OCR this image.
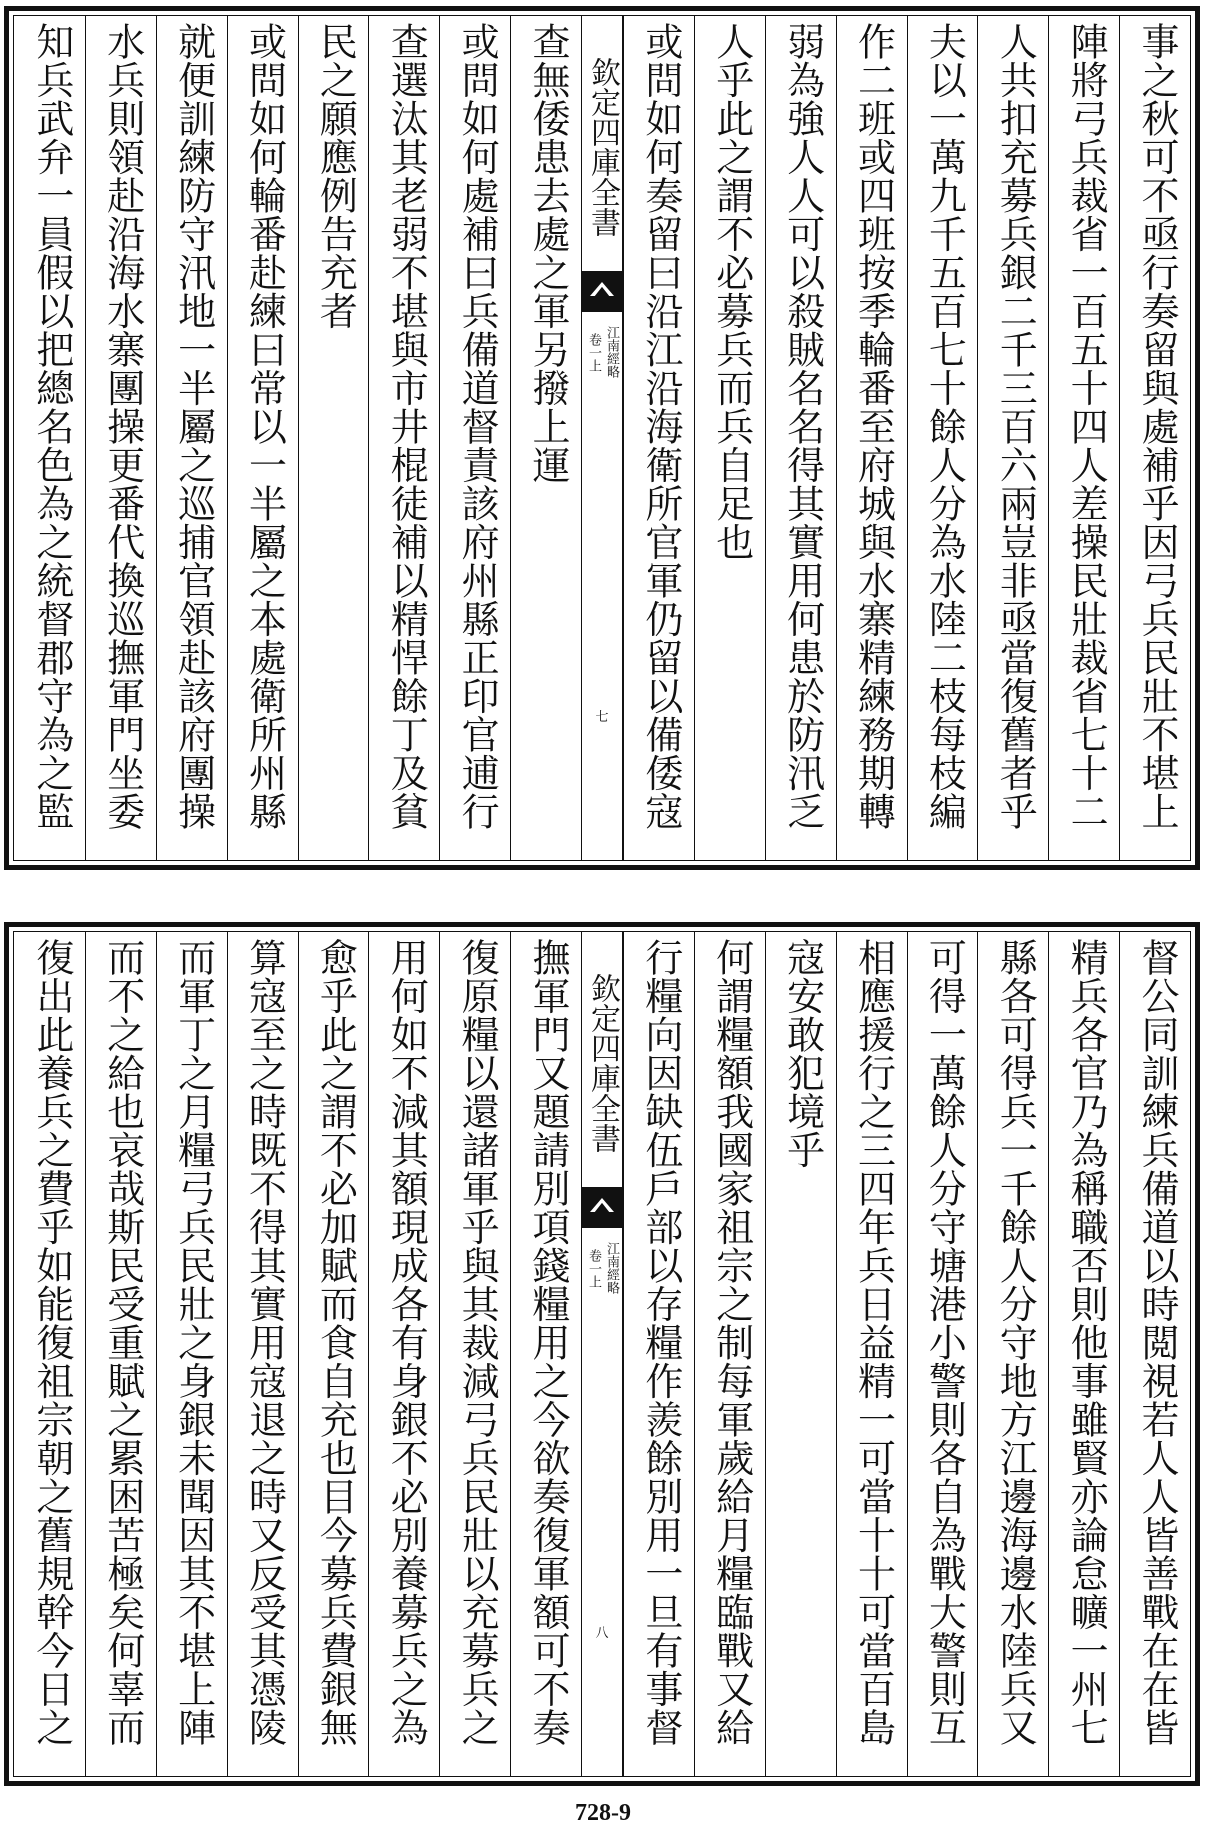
事之秋可不亟行奏留與處補乎因弓兵民壯不堪上
陣將弓兵裁省一百五十四人差操民壯裁省七十二
人共扣充募兵銀二千三百六兩豈非亟當復舊者乎
夫以一萬九千五百七十餘人分為水陸二枝每枝編
作二班或四班按季輪番至府城與水寨精練務期轉
弱為強人人可以殺賊名名得其實用何患於防汛乏
人乎此之謂不必募兵而兵自足也
或問如何奏留曰沿江沿海衛所官軍仍留以備倭寇
欽定四庫全書
江南經略
卷一上
七
查無倭患去處之軍另撥上運
或問如何處補曰兵備道督責該府州縣正印官逋行
查選汰其老弱不堪與市井棍徒補以精悍餘丁及貧
民之願應例告充者
或問如何輪番赴練曰常以一半屬之本處衛所州縣
就便訓練防守汛地一半屬之巡捕官領赴該府團操
水兵則領赴沿海水寨團操更番代換巡撫軍門坐委
知兵武弁一員假以把總名色為之統督郡守為之監
督公同訓練兵備道以時閲視若人人皆善戰在在皆
精兵各官乃為稱職否則他事雖賢亦論怠曠一州七
縣各可得兵一千餘人分守地方江邊海邊水陸兵又
可得一萬餘人分守塘港小警則各自為戰大警則互
相應援行之三四年兵日益精一可當十十可當百島
寇安敢犯境乎
何謂糧額我國家祖宗之制每軍歲給月糧臨戰又給
行糧向因缺伍戶部以存糧作羨餘別用一旦有事督
欽定四庫全書
江南經略
卷一上
八
撫軍門又題請別項錢糧用之今欲奏復軍額可不奏
復原糧以還諸軍乎與其裁減弓兵民壯以充募兵之
用何如不減其額現成各有身銀不必別養募兵之為
愈乎此之謂不必加賦而食自充也目今募兵費銀無
算寇至之時既不得其實用寇退之時又反受其憑陵
而軍丁之月糧弓兵民壯之身銀未聞因其不堪上陣
而不之給也哀哉斯民受重賦之累困苦極矣何辜而
復出此養兵之費乎如能復祖宗朝之舊規幹今日之
728-9
